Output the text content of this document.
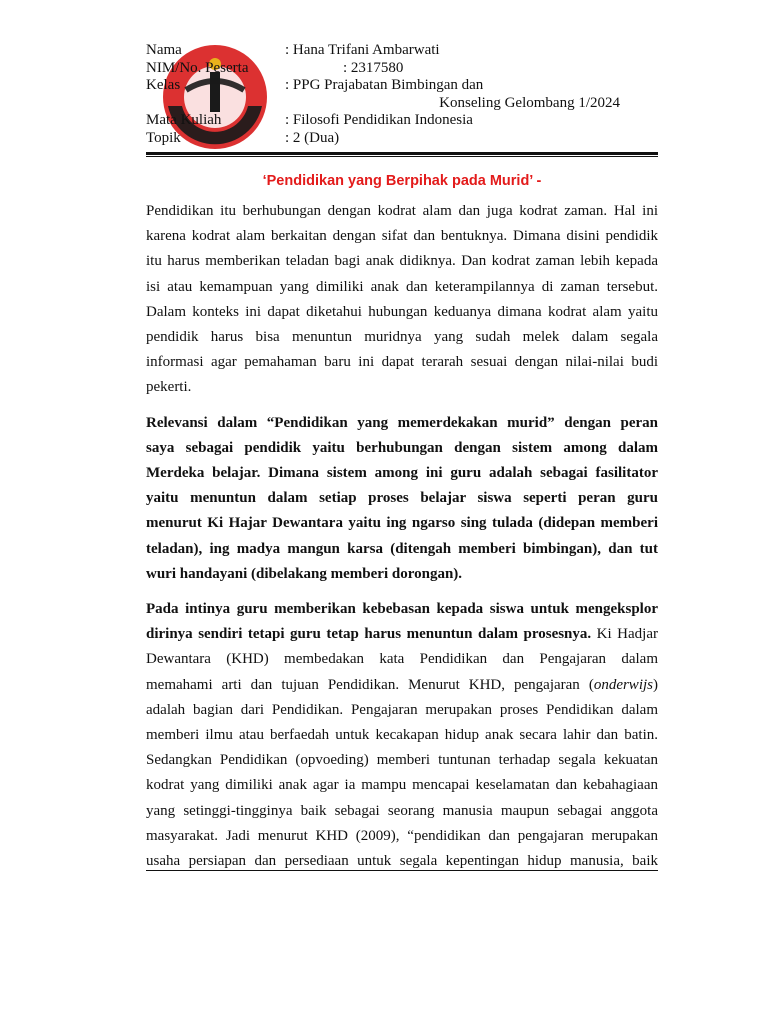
Nama	: Hana Trifani Ambarwati
NIM/No. Peserta	: 2317580
Kelas	: PPG Prajabatan Bimbingan dan
Konseling Gelombang 1/2024
Mata Kuliah	: Filosofi Pendidikan Indonesia
Topik	: 2 (Dua)
‘Pendidikan yang Berpihak pada Murid’ -
Pendidikan itu berhubungan dengan kodrat alam dan juga kodrat zaman. Hal ini
karena kodrat alam berkaitan dengan sifat dan bentuknya. Dimana disini pendidik
itu harus memberikan teladan bagi anak didiknya. Dan kodrat zaman lebih kepada
isi atau kemampuan yang dimiliki anak dan keterampilannya di zaman tersebut.
Dalam konteks ini dapat diketahui hubungan keduanya dimana kodrat alam yaitu
pendidik harus bisa menuntun muridnya yang sudah melek dalam segala
informasi agar pemahaman baru ini dapat terarah sesuai dengan nilai-nilai budi
pekerti.
Relevansi dalam “Pendidikan yang memerdekakan murid” dengan peran
saya sebagai pendidik yaitu berhubungan dengan sistem among dalam
Merdeka belajar. Dimana sistem among ini guru adalah sebagai fasilitator
yaitu menuntun dalam setiap proses belajar siswa seperti peran guru
menurut Ki Hajar Dewantara yaitu ing ngarso sing tulada (didepan memberi
teladan), ing madya mangun karsa (ditengah memberi bimbingan), dan tut
wuri handayani (dibelakang memberi dorongan).
Pada intinya guru memberikan kebebasan kepada siswa untuk mengeksplor
dirinya sendiri tetapi guru tetap harus menuntun dalam prosesnya. Ki Hadjar
Dewantara (KHD) membedakan kata Pendidikan dan Pengajaran dalam
memahami arti dan tujuan Pendidikan. Menurut KHD, pengajaran (onderwijs)
adalah bagian dari Pendidikan. Pengajaran merupakan proses Pendidikan dalam
memberi ilmu atau berfaedah untuk kecakapan hidup anak secara lahir dan batin.
Sedangkan Pendidikan (opvoeding) memberi tuntunan terhadap segala kekuatan
kodrat yang dimiliki anak agar ia mampu mencapai keselamatan dan kebahagiaan
yang setinggi-tingginya baik sebagai seorang manusia maupun sebagai anggota
masyarakat. Jadi menurut KHD (2009), “pendidikan dan pengajaran merupakan
usaha persiapan dan persediaan untuk segala kepentingan hidup manusia, baik
